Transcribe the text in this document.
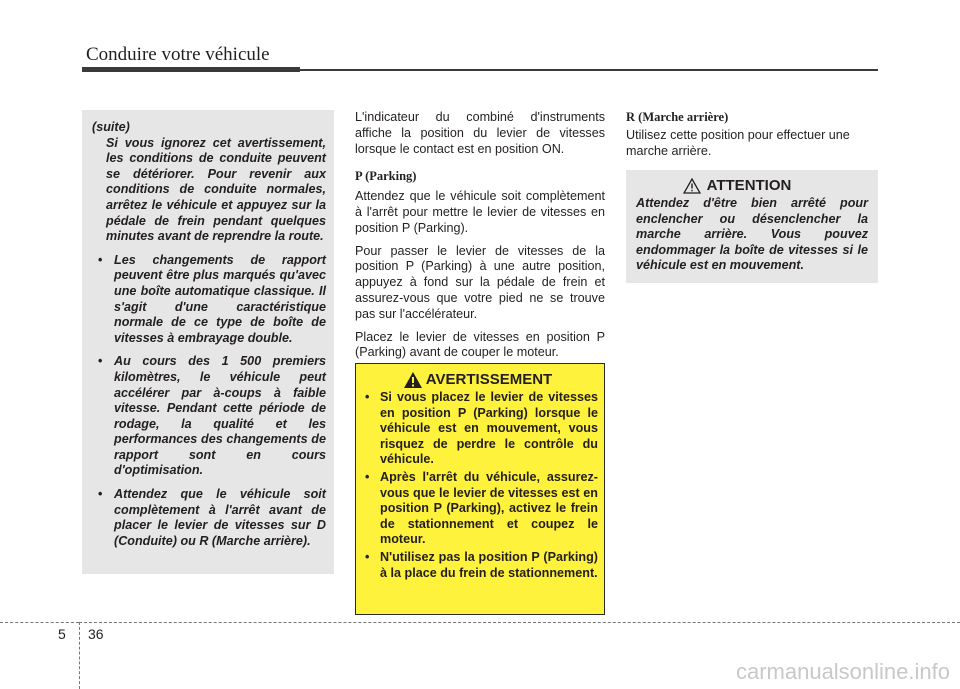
Conduire votre véhicule
(suite)

Si vous ignorez cet avertissement, les conditions de conduite peuvent se détériorer. Pour revenir aux conditions de conduite normales, arrêtez le véhicule et appuyez sur la pédale de frein pendant quelques minutes avant de reprendre la route.

• Les changements de rapport peuvent être plus marqués qu'avec une boîte automatique classique. Il s'agit d'une caractéristique normale de ce type de boîte de vitesses à embrayage double.
• Au cours des 1 500 premiers kilomètres, le véhicule peut accélérer par à-coups à faible vitesse. Pendant cette période de rodage, la qualité et les performances des changements de rapport sont en cours d'optimisation.
• Attendez que le véhicule soit complètement à l'arrêt avant de placer le levier de vitesses sur D (Conduite) ou R (Marche arrière).

L'indicateur du combiné d'instruments affiche la position du levier de vitesses lorsque le contact est en position ON.

P (Parking)

Attendez que le véhicule soit complètement à l'arrêt pour mettre le levier de vitesses en position P (Parking).

Pour passer le levier de vitesses de la position P (Parking) à une autre position, appuyez à fond sur la pédale de frein et assurez-vous que votre pied ne se trouve pas sur l'accélérateur.

Placez le levier de vitesses en position P (Parking) avant de couper le moteur.

AVERTISSEMENT
• Si vous placez le levier de vitesses en position P (Parking) lorsque le véhicule est en mouvement, vous risquez de perdre le contrôle du véhicule.
• Après l'arrêt du véhicule, assurez-vous que le levier de vitesses est en position P (Parking), activez le frein de stationnement et coupez le moteur.
• N'utilisez pas la position P (Parking) à la place du frein de stationnement.
R (Marche arrière)

Utilisez cette position pour effectuer une marche arrière.

ATTENTION

Attendez d'être bien arrêté pour enclencher ou désenclencher la marche arrière. Vous pouvez endommager la boîte de vitesses si le véhicule est en mouvement.

5 36
carmanualsonline.info
